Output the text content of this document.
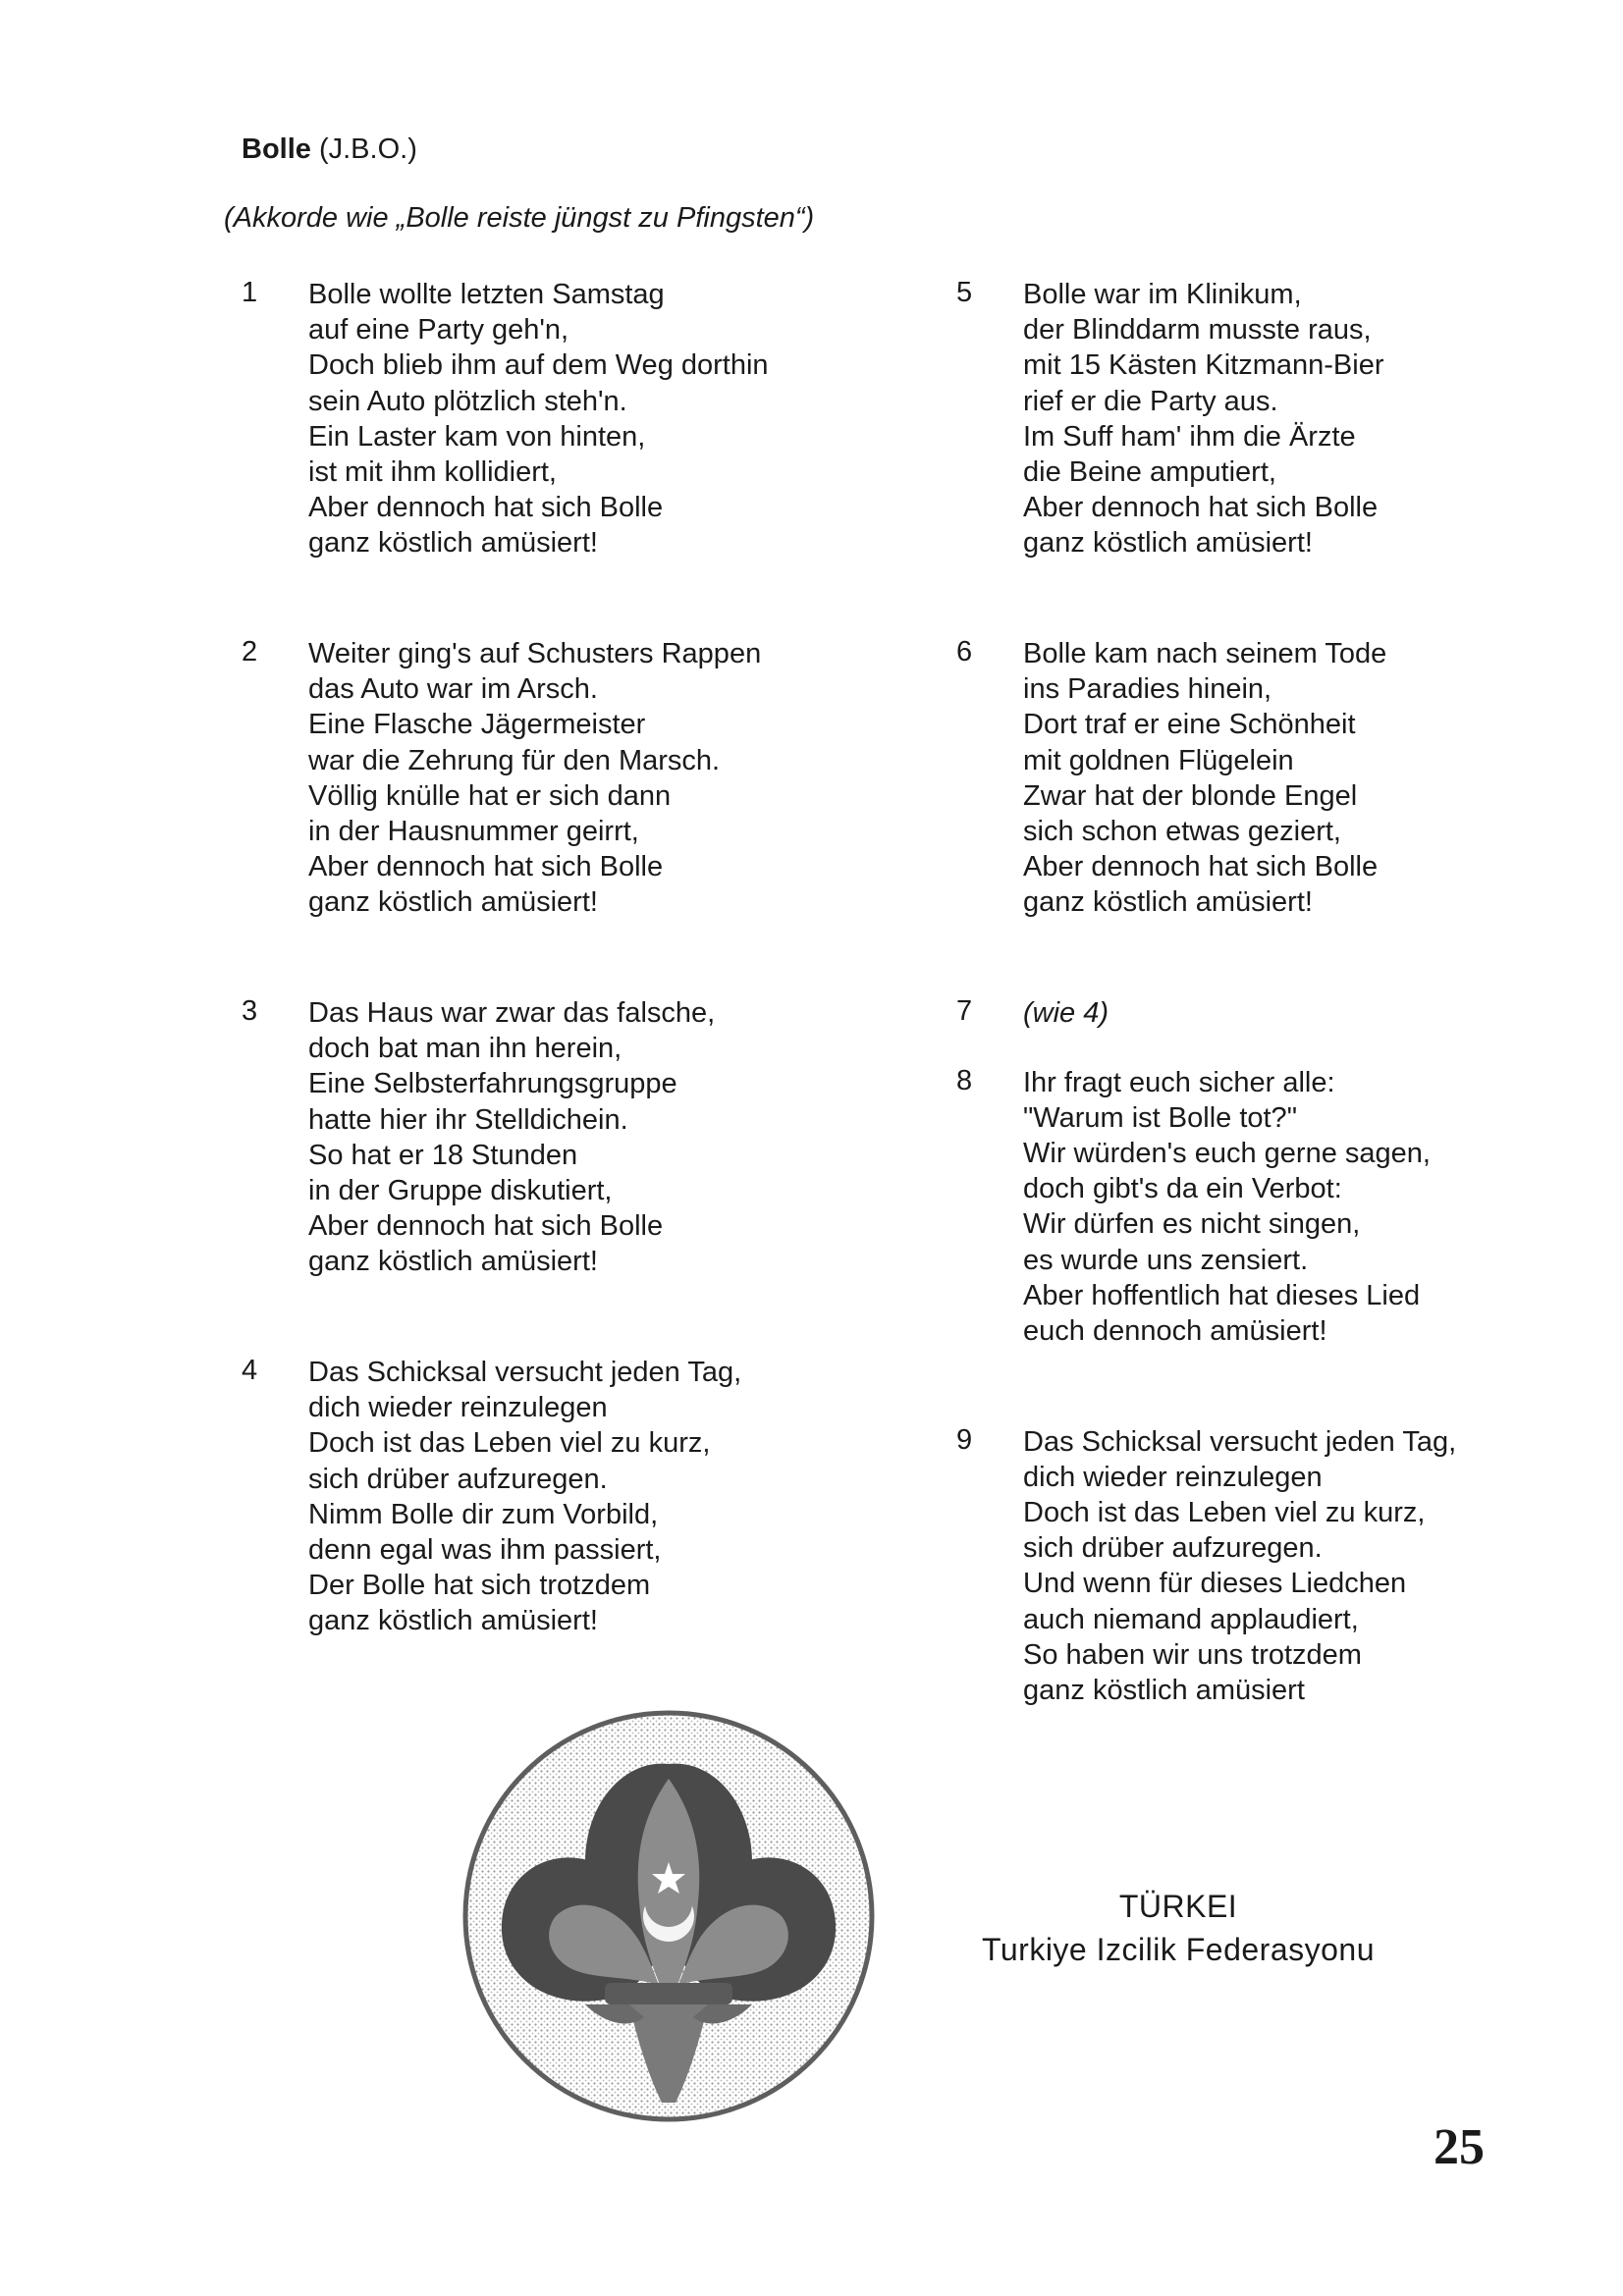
Bolle (J.B.O.)
(Akkorde wie „Bolle reiste jüngst zu Pfingsten“)
1	Bolle wollte letzten Samstag
auf eine Party geh'n,
Doch blieb ihm auf dem Weg dorthin
sein Auto plötzlich steh'n.
Ein Laster kam von hinten,
ist mit ihm kollidiert,
Aber dennoch hat sich Bolle
ganz köstlich amüsiert!
2	Weiter ging's auf Schusters Rappen
das Auto war im Arsch.
Eine Flasche Jägermeister
war die Zehrung für den Marsch.
Völlig knülle hat er sich dann
in der Hausnummer geirrt,
Aber dennoch hat sich Bolle
ganz köstlich amüsiert!
3	Das Haus war zwar das falsche,
doch bat man ihn herein,
Eine Selbsterfahrungsgruppe
hatte hier ihr Stelldichein.
So hat er 18 Stunden
in der Gruppe diskutiert,
Aber dennoch hat sich Bolle
ganz köstlich amüsiert!
4	Das Schicksal versucht jeden Tag,
dich wieder reinzulegen
Doch ist das Leben viel zu kurz,
sich drüber aufzuregen.
Nimm Bolle dir zum Vorbild,
denn egal was ihm passiert,
Der Bolle hat sich trotzdem
ganz köstlich amüsiert!
5	Bolle war im Klinikum,
der Blinddarm musste raus,
mit 15 Kästen Kitzmann-Bier
rief er die Party aus.
Im Suff ham' ihm die Ärzte
die Beine amputiert,
Aber dennoch hat sich Bolle
ganz köstlich amüsiert!
6	Bolle kam nach seinem Tode
ins Paradies hinein,
Dort traf er eine Schönheit
mit goldnen Flügelein
Zwar hat der blonde Engel
sich schon etwas geziert,
Aber dennoch hat sich Bolle
ganz köstlich amüsiert!
7	(wie 4)
8	Ihr fragt euch sicher alle:
"Warum ist Bolle tot?"
Wir würden's euch gerne sagen,
doch gibt's da ein Verbot:
Wir dürfen es nicht singen,
es wurde uns zensiert.
Aber hoffentlich hat dieses Lied
euch dennoch amüsiert!
9	Das Schicksal versucht jeden Tag,
dich wieder reinzulegen
Doch ist das Leben viel zu kurz,
sich drüber aufzuregen.
Und wenn für dieses Liedchen
auch niemand applaudiert,
So haben wir uns trotzdem
ganz köstlich amüsiert
TÜRKEI
Turkiye Izcilik Federasyonu
25
